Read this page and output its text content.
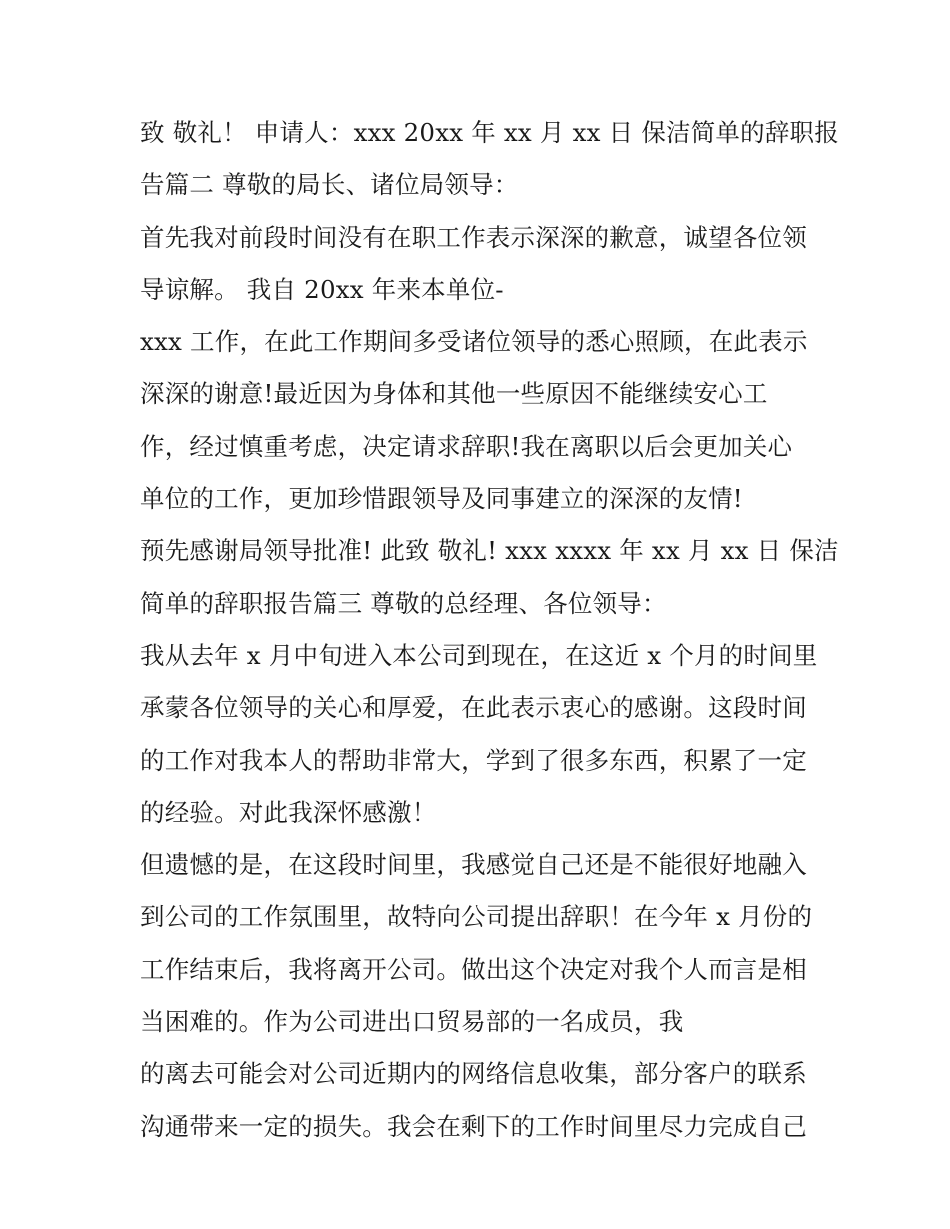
致 敬礼！ 申请人：xxx 20xx 年 xx 月 xx 日 保洁简单的辞职报
告篇二 尊敬的局长、诸位局领导：
首先我对前段时间没有在职工作表示深深的歉意，诚望各位领
导谅解。 我自 20xx 年来本单位-
xxx 工作，在此工作期间多受诸位领导的悉心照顾，在此表示
深深的谢意!最近因为身体和其他一些原因不能继续安心工
作，经过慎重考虑，决定请求辞职!我在离职以后会更加关心
单位的工作，更加珍惜跟领导及同事建立的深深的友情!
预先感谢局领导批准! 此致 敬礼! xxx xxxx 年 xx 月 xx 日 保洁
简单的辞职报告篇三 尊敬的总经理、各位领导：
我从去年 x 月中旬进入本公司到现在，在这近 x 个月的时间里
承蒙各位领导的关心和厚爱，在此表示衷心的感谢。这段时间
的工作对我本人的帮助非常大，学到了很多东西，积累了一定
的经验。对此我深怀感激！
但遗憾的是，在这段时间里，我感觉自己还是不能很好地融入
到公司的工作氛围里，故特向公司提出辞职！在今年 x 月份的
工作结束后，我将离开公司。做出这个决定对我个人而言是相
当困难的。作为公司进出口贸易部的一名成员，我
的离去可能会对公司近期内的网络信息收集，部分客户的联系
沟通带来一定的损失。我会在剩下的工作时间里尽力完成自己
